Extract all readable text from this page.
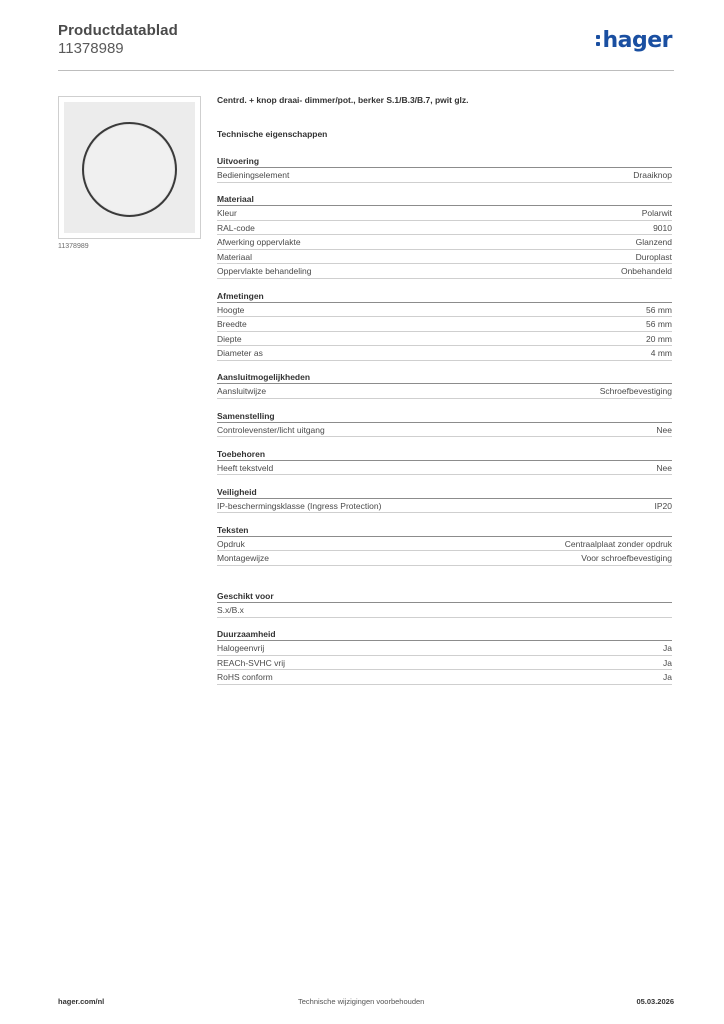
Productdatablad
11378989	hager
11378989
Centrd. + knop draai- dimmer/pot., berker S.1/B.3/B.7, pwit glz.
Technische eigenschappen
Uitvoering
Bedieningselement	Draaiknop
Materiaal
Kleur	Polarwit
RAL-code	9010
Afwerking oppervlakte	Glanzend
Materiaal	Duroplast
Oppervlakte behandeling	Onbehandeld
Afmetingen
Hoogte	56 mm
Breedte	56 mm
Diepte	20 mm
Diameter as	4 mm
Aansluitmogelijkheden
Aansluitwijze	Schroefbevestiging
Samenstelling
Controlevenster/licht uitgang	Nee
Toebehoren
Heeft tekstveld	Nee
Veiligheid
IP-beschermingsklasse (Ingress Protection)	IP20
Teksten
Opdruk	Centraalplaat zonder opdruk
Montagewijze	Voor schroefbevestiging
Geschikt voor
S.x/B.x
Duurzaamheid
Halogeenvrij	Ja
REACh-SVHC vrij	Ja
RoHS conform	Ja
hager.com/nl	Technische wijzigingen voorbehouden	05.03.2026
